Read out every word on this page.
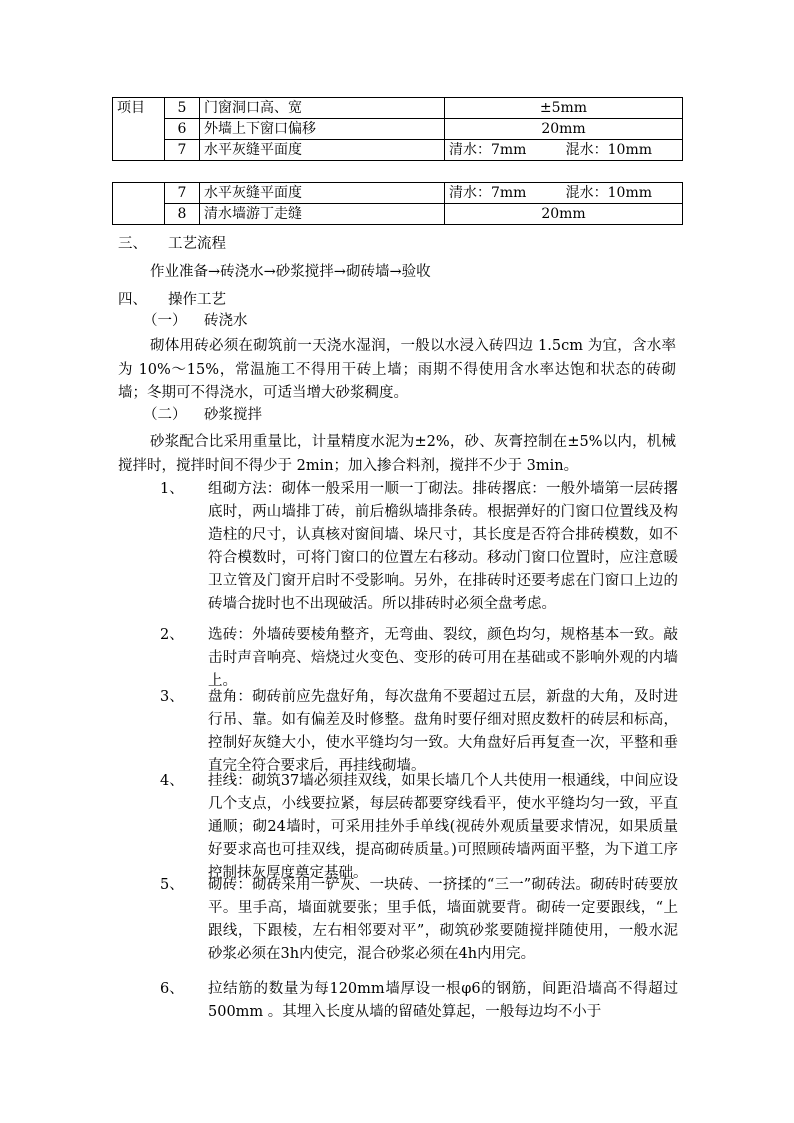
项目	5	门窗洞口高、宽	±5mm
	6	外墙上下窗口偏移	20mm
	7	水平灰缝平面度	清水：7mm 混水：10mm
	7	水平灰缝平面度	清水：7mm 混水：10mm

	8	清水墙游丁走缝	20mm
三、 工艺流程
作业准备→砖浇水→砂浆搅拌→砌砖墙→验收
四、 操作工艺
（一） 砖浇水
砌体用砖必须在砌筑前一天浇水湿润，一般以水浸入砖四边 1.5cm 为宜，含水率为 10%～15%，常温施工不得用干砖上墙；雨期不得使用含水率达饱和状态的砖砌墙；冬期可不得浇水，可适当增大砂浆稠度。
（二） 砂浆搅拌
砂浆配合比采用重量比，计量精度水泥为±2%，砂、灰膏控制在±5%以内，机械搅拌时，搅拌时间不得少于 2min；加入掺合料剂，搅拌不少于 3min。
1、	组砌方法：砌体一般采用一顺一丁砌法。排砖撂底：一般外墙第一层砖撂底时，两山墙排丁砖，前后檐纵墙排条砖。根据弹好的门窗口位置线及构造柱的尺寸，认真核对窗间墙、垛尺寸，其长度是否符合排砖模数，如不符合模数时，可将门窗口的位置左右移动。移动门窗口位置时，应注意暖卫立管及门窗开启时不受影响。另外，在排砖时还要考虑在门窗口上边的砖墙合拢时也不出现破活。所以排砖时必须全盘考虑。
2、	选砖：外墙砖要棱角整齐，无弯曲、裂纹，颜色均匀，规格基本一致。敲击时声音响亮、焙烧过火变色、变形的砖可用在基础或不影响外观的内墙上。
3、	盘角：砌砖前应先盘好角，每次盘角不要超过五层，新盘的大角，及时进行吊、靠。如有偏差及时修整。盘角时要仔细对照皮数杆的砖层和标高，控制好灰缝大小，使水平缝均匀一致。大角盘好后再复查一次，平整和垂直完全符合要求后，再挂线砌墙。
4、	挂线：砌筑37墙必须挂双线，如果长墙几个人共使用一根通线，中间应设几个支点，小线要拉紧，每层砖都要穿线看平，使水平缝均匀一致，平直通顺；砌24墙时，可采用挂外手单线(视砖外观质量要求情况，如果质量好要求高也可挂双线，提高砌砖质量。)可照顾砖墙两面平整，为下道工序控制抹灰厚度奠定基础。
5、	砌砖：砌砖采用一铲灰、一块砖、一挤揉的“三一”砌砖法。砌砖时砖要放平。里手高，墙面就要张；里手低，墙面就要背。砌砖一定要跟线，“上跟线，下跟棱，左右相邻要对平”，砌筑砂浆要随搅拌随使用，一般水泥砂浆必须在3h内使完，混合砂浆必须在4h内用完。
6、	拉结筋的数量为每120mm墙厚设一根φ6的钢筋，间距沿墙高不得超过500mm 。其埋入长度从墙的留碴处算起，一般每边均不小于
